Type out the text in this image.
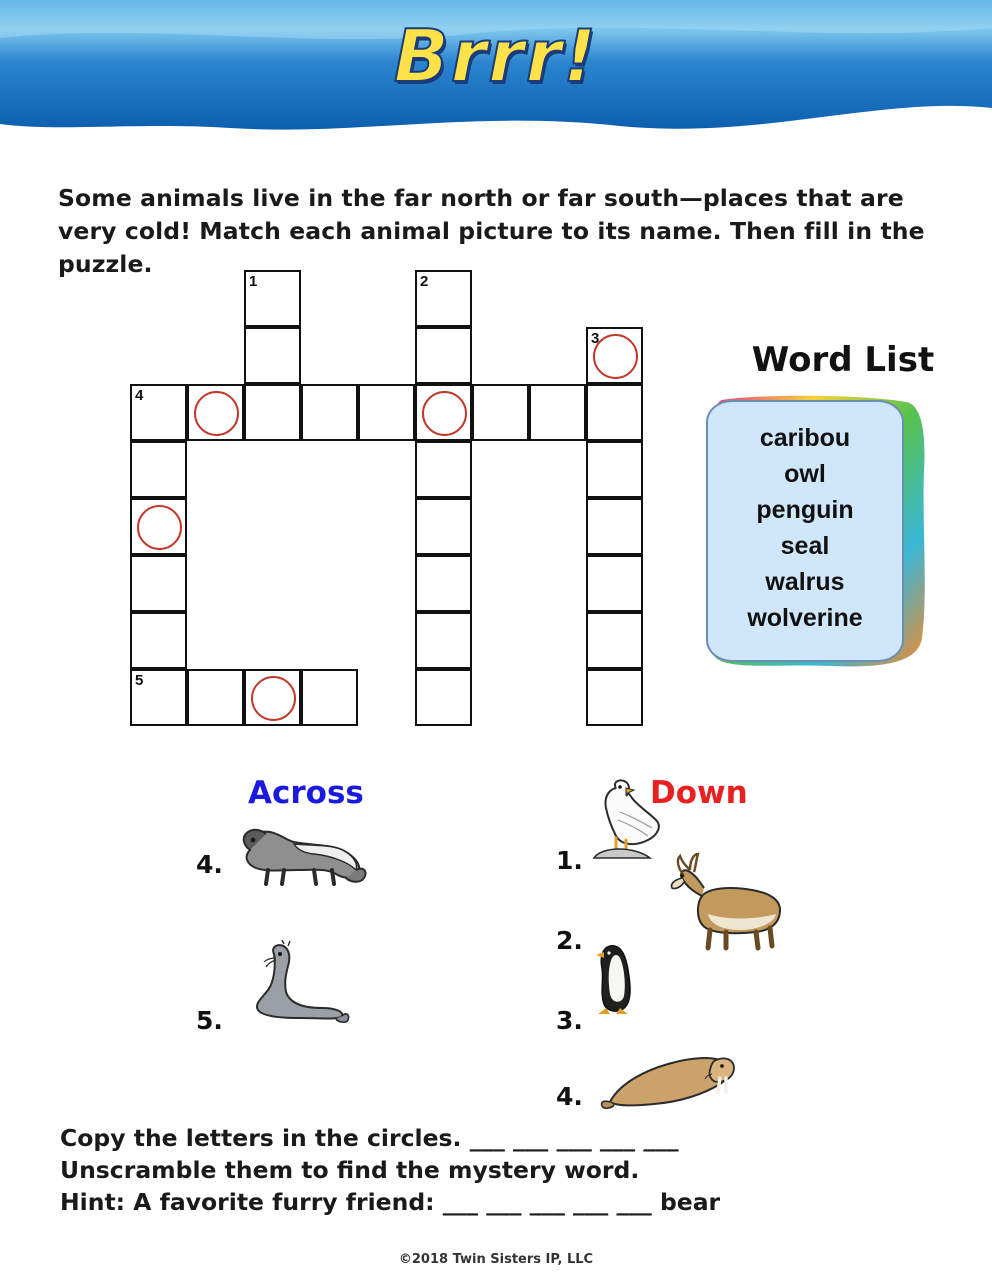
Brrr!
Some animals live in the far north or far south—places that are very cold! Match each animal picture to its name. Then fill in the puzzle.
1	2
3
4
5
Word List
caribou
owl
penguin
seal
walrus
wolverine
Across	Down
4.
5.
1.
2.
3.
4.
Copy the letters in the circles. ___ ___ ___ ___ ___
Unscramble them to find the mystery word.
Hint: A favorite furry friend: ___ ___ ___ ___ ___ bear
©2018 Twin Sisters IP, LLC
